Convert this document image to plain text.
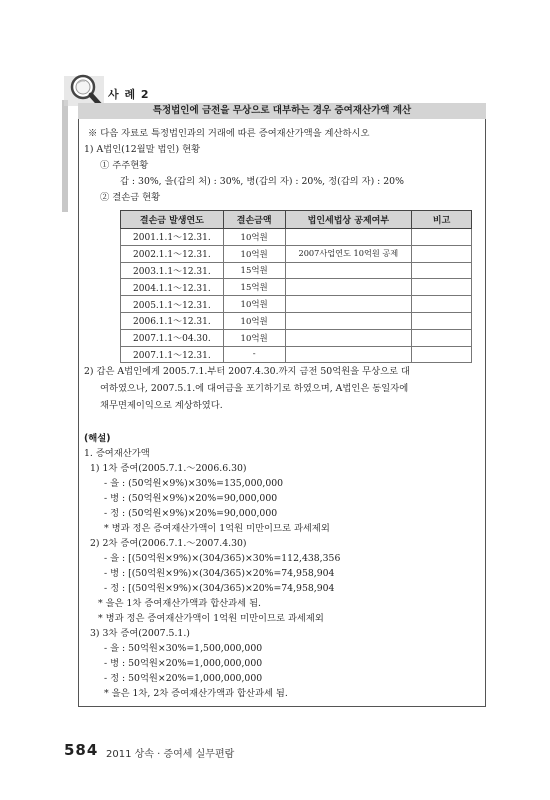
사 례 2
특정법인에 금전을 무상으로 대부하는 경우 증여재산가액 계산
※ 다음 자료로 특정법인과의 거래에 따른 증여재산가액을 계산하시오
1) A법인(12월말 법인) 현황
① 주주현황
갑 : 30%, 을(갑의 처) : 30%, 병(갑의 자) : 20%, 정(갑의 자) : 20%
② 결손금 현황
결손금 발생연도	결손금액	법인세법상 공제여부	비고
2001.1.1～12.31.	10억원		
2002.1.1～12.31.	10억원	2007사업연도 10억원 공제	
2003.1.1～12.31.	15억원		
2004.1.1～12.31.	15억원		
2005.1.1～12.31.	10억원		
2006.1.1～12.31.	10억원		
2007.1.1～04.30.	10억원		
2007.1.1～12.31.	-		
2) 갑은 A법인에게 2005.7.1.부터 2007.4.30.까지 금전 50억원을 무상으로 대
여하였으나, 2007.5.1.에 대여금을 포기하기로 하였으며, A법인은 동일자에
채무면제이익으로 계상하였다.
(해설)
1. 증여재산가액
1) 1차 증여(2005.7.1.～2006.6.30)
- 을 : (50억원×9%)×30%=135,000,000
- 병 : (50억원×9%)×20%=90,000,000
- 정 : (50억원×9%)×20%=90,000,000
* 병과 정은 증여재산가액이 1억원 미만이므로 과세제외
2) 2차 증여(2006.7.1.～2007.4.30)
- 을 : [(50억원×9%)×(304/365)×30%=112,438,356
- 병 : [(50억원×9%)×(304/365)×20%=74,958,904
- 정 : [(50억원×9%)×(304/365)×20%=74,958,904
* 을은 1차 증여재산가액과 합산과세 됨.
* 병과 정은 증여재산가액이 1억원 미만이므로 과세제외
3) 3차 증여(2007.5.1.)
- 을 : 50억원×30%=1,500,000,000
- 병 : 50억원×20%=1,000,000,000
- 정 : 50억원×20%=1,000,000,000
* 을은 1차, 2차 증여재산가액과 합산과세 됨.
584 2011 상속 · 증여세 실무편람
